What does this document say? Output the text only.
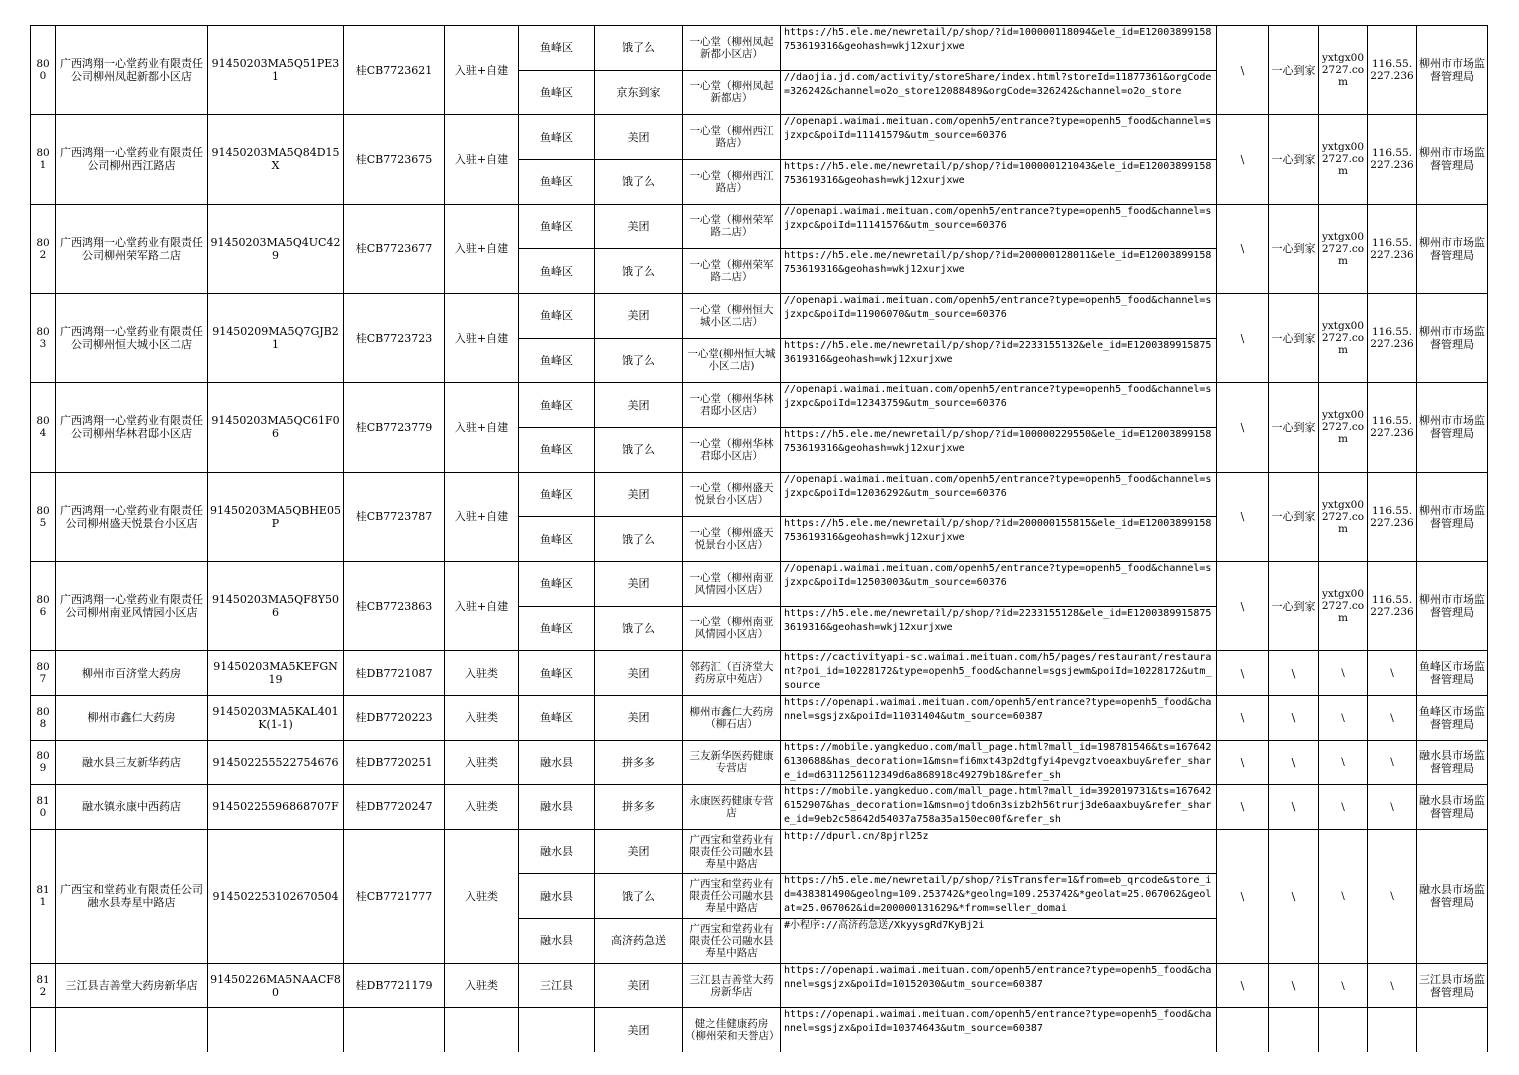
800	广西鸿翔一心堂药业有限责任公司柳州凤起新都小区店	91450203MA5Q51PE31	桂CB7723621	入驻+自建	鱼峰区	饿了么	一心堂（柳州凤起新都小区店）	https://h5.ele.me/newretail/p/shop/?id=100000118094&ele_id=E12003899158753619316&geohash=wkj12xurjxwe	\	一心到家	yxtgx002727.com	116.55.227.236	柳州市市场监督管理局
					鱼峰区	京东到家	一心堂（柳州凤起新都店）	//daojia.jd.com/activity/storeShare/index.html?storeId=11877361&orgCode=326242&channel=o2o_store12088489&orgCode=326242&channel=o2o_store					

801	广西鸿翔一心堂药业有限责任公司柳州西江路店	91450203MA5Q84D15X	桂CB7723675	入驻+自建	鱼峰区	美团	一心堂（柳州西江路店）	//openapi.waimai.meituan.com/openh5/entrance?type=openh5_food&channel=sjzxpc&poiId=11141579&utm_source=60376	\	一心到家	yxtgx002727.com	116.55.227.236	柳州市市场监督管理局
					鱼峰区	饿了么	一心堂（柳州西江路店）	https://h5.ele.me/newretail/p/shop/?id=100000121043&ele_id=E12003899158753619316&geohash=wkj12xurjxwe					

802	广西鸿翔一心堂药业有限责任公司柳州荣军路二店	91450203MA5Q4UC429	桂CB7723677	入驻+自建	鱼峰区	美团	一心堂（柳州荣军路二店）	//openapi.waimai.meituan.com/openh5/entrance?type=openh5_food&channel=sjzxpc&poiId=11141576&utm_source=60376	\	一心到家	yxtgx002727.com	116.55.227.236	柳州市市场监督管理局
					鱼峰区	饿了么	一心堂（柳州荣军路二店）	https://h5.ele.me/newretail/p/shop/?id=200000128011&ele_id=E12003899158753619316&geohash=wkj12xurjxwe					

803	广西鸿翔一心堂药业有限责任公司柳州恒大城小区二店	91450209MA5Q7GJB21	桂CB7723723	入驻+自建	鱼峰区	美团	一心堂（柳州恒大城小区二店）	//openapi.waimai.meituan.com/openh5/entrance?type=openh5_food&channel=sjzxpc&poiId=11906070&utm_source=60376	\	一心到家	yxtgx002727.com	116.55.227.236	柳州市市场监督管理局
					鱼峰区	饿了么	一心堂(柳州恒大城小区二店)	https://h5.ele.me/newretail/p/shop/?id=2233155132&ele_id=E12003899158753619316&geohash=wkj12xurjxwe					

804	广西鸿翔一心堂药业有限责任公司柳州华林君邸小区店	91450203MA5QC61F06	桂CB7723779	入驻+自建	鱼峰区	美团	一心堂（柳州华林君邸小区店）	//openapi.waimai.meituan.com/openh5/entrance?type=openh5_food&channel=sjzxpc&poiId=12343759&utm_source=60376	\	一心到家	yxtgx002727.com	116.55.227.236	柳州市市场监督管理局
					鱼峰区	饿了么	一心堂（柳州华林君邸小区店）	https://h5.ele.me/newretail/p/shop/?id=100000229550&ele_id=E12003899158753619316&geohash=wkj12xurjxwe					

805	广西鸿翔一心堂药业有限责任公司柳州盛天悦景台小区店	91450203MA5QBHE05P	桂CB7723787	入驻+自建	鱼峰区	美团	一心堂（柳州盛天悦景台小区店）	//openapi.waimai.meituan.com/openh5/entrance?type=openh5_food&channel=sjzxpc&poiId=12036292&utm_source=60376	\	一心到家	yxtgx002727.com	116.55.227.236	柳州市市场监督管理局
					鱼峰区	饿了么	一心堂（柳州盛天悦景台小区店）	https://h5.ele.me/newretail/p/shop/?id=200000155815&ele_id=E12003899158753619316&geohash=wkj12xurjxwe					

806	广西鸿翔一心堂药业有限责任公司柳州南亚风情园小区店	91450203MA5QF8Y506	桂CB7723863	入驻+自建	鱼峰区	美团	一心堂（柳州南亚风情园小区店）	//openapi.waimai.meituan.com/openh5/entrance?type=openh5_food&channel=sjzxpc&poiId=12503003&utm_source=60376	\	一心到家	yxtgx002727.com	116.55.227.236	柳州市市场监督管理局
					鱼峰区	饿了么	一心堂（柳州南亚风情园小区店）	https://h5.ele.me/newretail/p/shop/?id=2233155128&ele_id=E12003899158753619316&geohash=wkj12xurjxwe					

807	柳州市百济堂大药房	91450203MA5KEFGN19	桂DB7721087	入驻类	鱼峰区	美团	邻药汇（百济堂大药房京中苑店）	https://cactivityapi-sc.waimai.meituan.com/h5/pages/restaurant/restaurant?poi_id=10228172&type=openh5_food&channel=sgsjewm&poiId=10228172&utm_source	\	\	\	\	鱼峰区市场监督管理局
808	柳州市鑫仁大药房	91450203MA5KAL401K(1-1)	桂DB7720223	入驻类	鱼峰区	美团	柳州市鑫仁大药房（柳石店）	https://openapi.waimai.meituan.com/openh5/entrance?type=openh5_food&channel=sgsjzx&poiId=11031404&utm_source=60387	\	\	\	\	鱼峰区市场监督管理局
809	融水县三友新华药店	914502255522754676	桂DB7720251	入驻类	融水县	拼多多	三友新华医药健康专营店	https://mobile.yangkeduo.com/mall_page.html?mall_id=198781546&ts=1676426130688&has_decoration=1&msn=fi6mxt43p2dtgfyi4pevgztvoeaxbuy&refer_share_id=d6311256112349d6a868918c49279b18&refer_sh	\	\	\	\	融水县市场监督管理局
810	融水镇永康中西药店	91450225596868707F	桂DB7720247	入驻类	融水县	拼多多	永康医药健康专营店	https://mobile.yangkeduo.com/mall_page.html?mall_id=392019731&ts=1676426152907&has_decoration=1&msn=ojtdo6n3sizb2h56trurj3de6aaxbuy&refer_share_id=9eb2c58642d54037a758a35a150ec00f&refer_sh	\	\	\	\	融水县市场监督管理局
811	广西宝和堂药业有限责任公司融水县寿星中路店	914502253102670504	桂CB7721777	入驻类	融水县	美团	广西宝和堂药业有限责任公司融水县寿星中路店	http://dpurl.cn/8pjrl25z	\	\	\	\	融水县市场监督管理局
					融水县	饿了么	广西宝和堂药业有限责任公司融水县寿星中路店	https://h5.ele.me/newretail/p/shop/?isTransfer=1&from=eb_qrcode&store_id=438381490&geolng=109.253742&*geolng=109.253742&*geolat=25.067062&geolat=25.067062&id=200000131629&*from=seller_domai					

					融水县	高济药急送	广西宝和堂药业有限责任公司融水县寿星中路店	#小程序://高济药急送/XkyysgRd7KyBj2i					

812	三江县吉善堂大药房新华店	91450226MA5NAACF80	桂DB7721179	入驻类	三江县	美团	三江县吉善堂大药房新华店	https://openapi.waimai.meituan.com/openh5/entrance?type=openh5_food&channel=sgsjzx&poiId=10152030&utm_source=60387	\	\	\	\	三江县市场监督管理局
						美团	健之佳健康药房（柳州荣和天誉店）	https://openapi.waimai.meituan.com/openh5/entrance?type=openh5_food&channel=sgsjzx&poiId=10374643&utm_source=60387					
